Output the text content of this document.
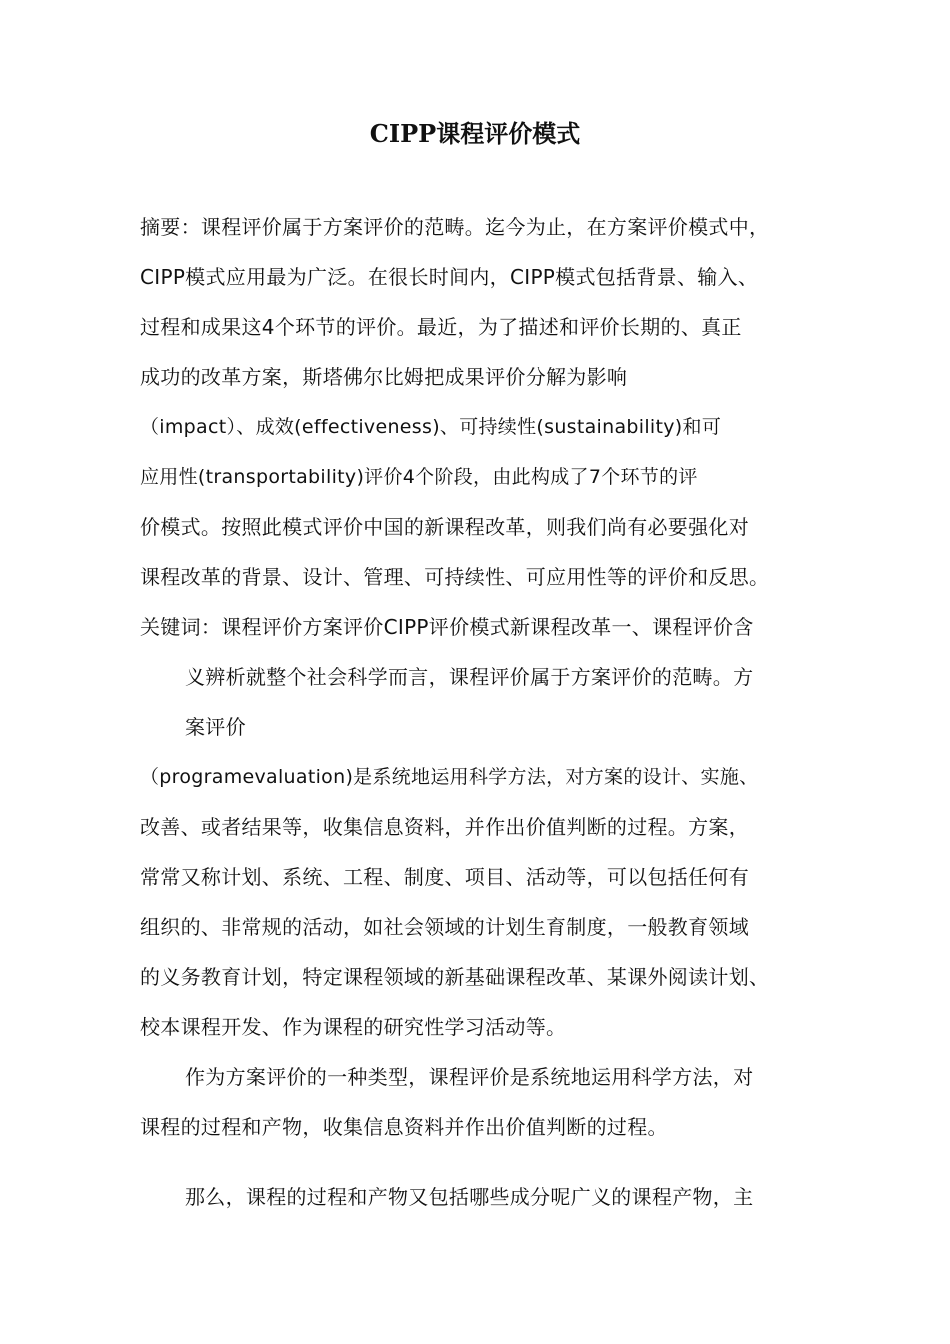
CIPP课程评价模式
摘要：课程评价属于方案评价的范畴。迄今为止，在方案评价模式中，
CIPP模式应用最为广泛。在很长时间内，CIPP模式包括背景、输入、
过程和成果这4个环节的评价。最近，为了描述和评价长期的、真正
成功的改革方案，斯塔佛尔比姆把成果评价分解为影响
（impact）、成效(effectiveness)、可持续性(sustainability)和可
应用性(transportability)评价4个阶段，由此构成了7个环节的评
价模式。按照此模式评价中国的新课程改革，则我们尚有必要强化对
课程改革的背景、设计、管理、可持续性、可应用性等的评价和反思。
关键词：课程评价方案评价CIPP评价模式新课程改革一、课程评价含
义辨析就整个社会科学而言，课程评价属于方案评价的范畴。方
案评价
（programevaluation)是系统地运用科学方法，对方案的设计、实施、
改善、或者结果等，收集信息资料，并作出价值判断的过程。方案，
常常又称计划、系统、工程、制度、项目、活动等，可以包括任何有
组织的、非常规的活动，如社会领域的计划生育制度，一般教育领域
的义务教育计划，特定课程领域的新基础课程改革、某课外阅读计划、
校本课程开发、作为课程的研究性学习活动等。
作为方案评价的一种类型，课程评价是系统地运用科学方法，对
课程的过程和产物，收集信息资料并作出价值判断的过程。
那么，课程的过程和产物又包括哪些成分呢广义的课程产物，主
